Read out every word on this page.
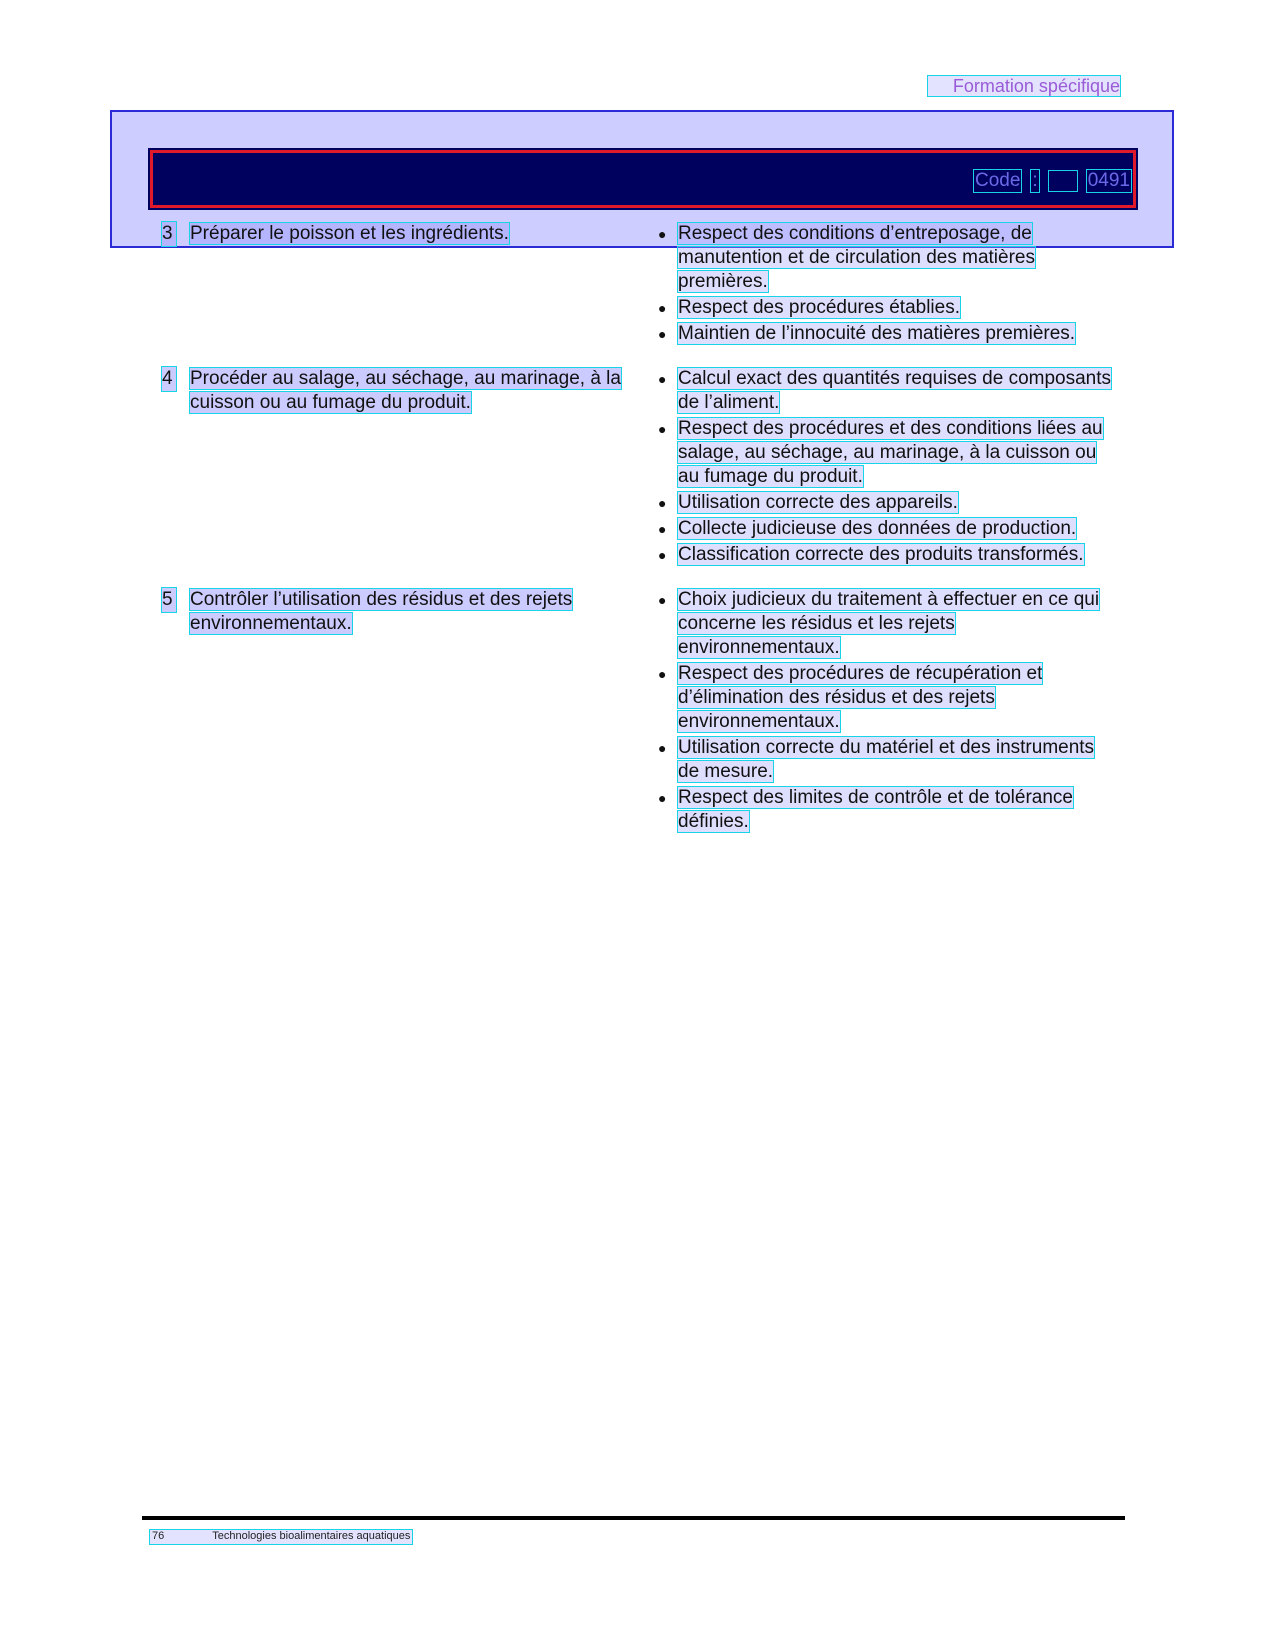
Formation spécifique
Code :	0491
3 Préparer le poisson et les ingrédients.	● Respect des conditions d’entreposage, de manutention et de circulation des matières premières.
● Respect des procédures établies.
● Maintien de l’innocuité des matières premières.
4 Procéder au salage, au séchage, au marinage, à la cuisson ou au fumage du produit.
● Calcul exact des quantités requises de composants de l’aliment.
● Respect des procédures et des conditions liées au salage, au séchage, au marinage, à la cuisson ou au fumage du produit.
● Utilisation correcte des appareils.
● Collecte judicieuse des données de production.
● Classification correcte des produits transformés.
5 Contrôler l’utilisation des résidus et des rejets environnementaux.
● Choix judicieux du traitement à effectuer en ce qui concerne les résidus et les rejets environnementaux.
● Respect des procédures de récupération et d’élimination des résidus et des rejets environnementaux.
● Utilisation correcte du matériel et des instruments de mesure.
● Respect des limites de contrôle et de tolérance définies.
76	Technologies bioalimentaires aquatiques
